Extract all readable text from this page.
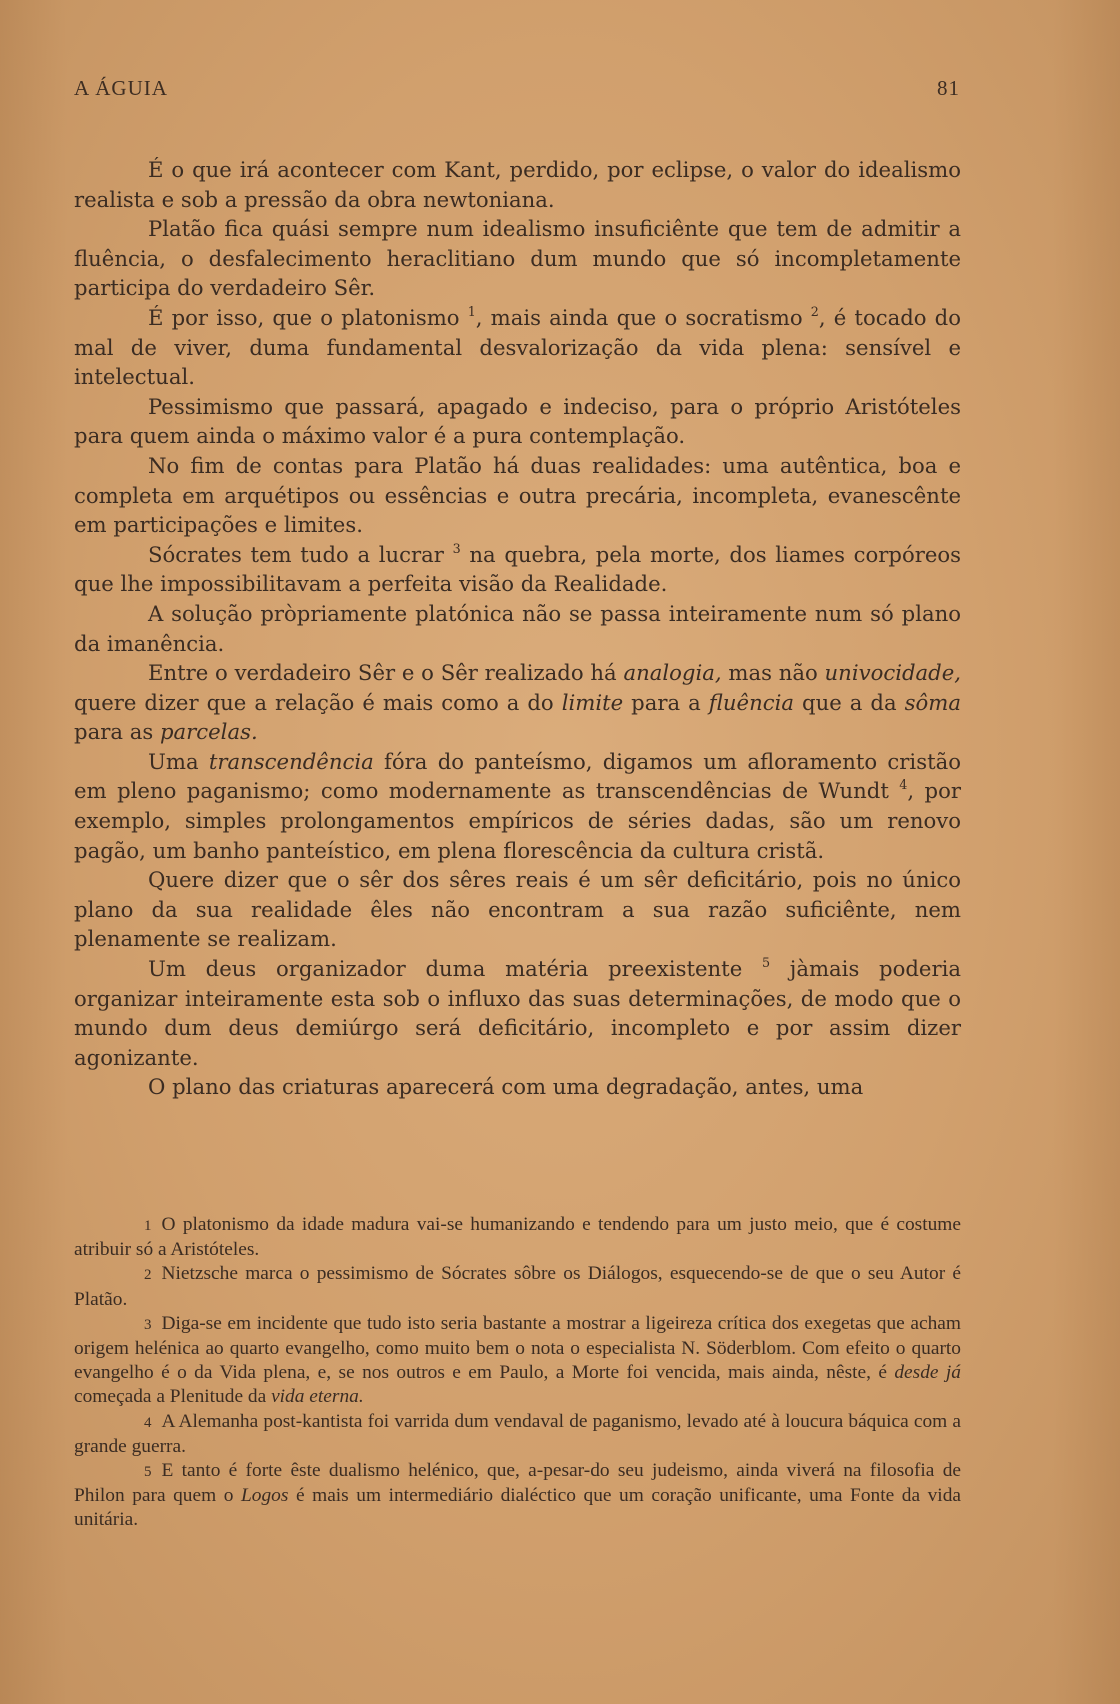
A ÁGUIA	81

É o que irá acontecer com Kant, perdido, por eclipse, o valor do idealismo realista e sob a pressão da obra newtoniana.

Platão fica quási sempre num idealismo insuficiênte que tem de admitir a fluência, o desfalecimento heraclitiano dum mundo que só incompletamente participa do verdadeiro Sêr.

É por isso, que o platonismo $^1$, mais ainda que o socratismo $^2$, é tocado do mal de viver, duma fundamental desvalorização da vida plena: sensível e intelectual.

Pessimismo que passará, apagado e indeciso, para o próprio Aristóteles para quem ainda o máximo valor é a pura contemplação.

No fim de contas para Platão há duas realidades: uma autêntica, boa e completa em arquétipos ou essências e outra precária, incompleta, evanescênte em participações e limites.

Sócrates tem tudo a lucrar $^3$ na quebra, pela morte, dos liames corpóreos que lhe impossibilitavam a perfeita visão da Realidade.

A solução pròpriamente platónica não se passa inteiramente num só plano da imanência.

Entre o verdadeiro Sêr e o Sêr realizado há analogia, mas não univocidade, quere dizer que a relação é mais como a do limite para a fluência que a da sôma para as parcelas.

Uma transcendência fóra do panteísmo, digamos um afloramento cristão em pleno paganismo; como modernamente as transcendências de Wundt $^4$, por exemplo, simples prolongamentos empíricos de séries dadas, são um renovo pagão, um banho panteístico, em plena florescência da cultura cristã.

Quere dizer que o sêr dos sêres reais é um sêr deficitário, pois no único plano da sua realidade êles não encontram a sua razão suficiênte, nem plenamente se realizam.

Um deus organizador duma matéria preexistente $^5$ jàmais poderia organizar inteiramente esta sob o influxo das suas determinações, de modo que o mundo dum deus demiúrgo será deficitário, incompleto e por assim dizer agonizante.

O plano das criaturas aparecerá com uma degradação, antes, uma

1 O platonismo da idade madura vai-se humanizando e tendendo para um justo meio, que é costume atribuir só a Aristóteles.

2 Nietzsche marca o pessimismo de Sócrates sôbre os Diálogos, esquecendo-se de que o seu Autor é Platão.

3 Diga-se em incidente que tudo isto seria bastante a mostrar a ligeireza crítica dos exegetas que acham origem helénica ao quarto evangelho, como muito bem o nota o especialista N. Söderblom. Com efeito o quarto evangelho é o da Vida plena, e, se nos outros e em Paulo, a Morte foi vencida, mais ainda, nêste, é desde já começada a Plenitude da vida eterna.

4 A Alemanha post-kantista foi varrida dum vendaval de paganismo, levado até à loucura báquica com a grande guerra.

5 E tanto é forte êste dualismo helénico, que, a-pesar-do seu judeismo, ainda viverá na filosofia de Philon para quem o Logos é mais um intermediário dialéctico que um coração unificante, uma Fonte da vida unitária.
